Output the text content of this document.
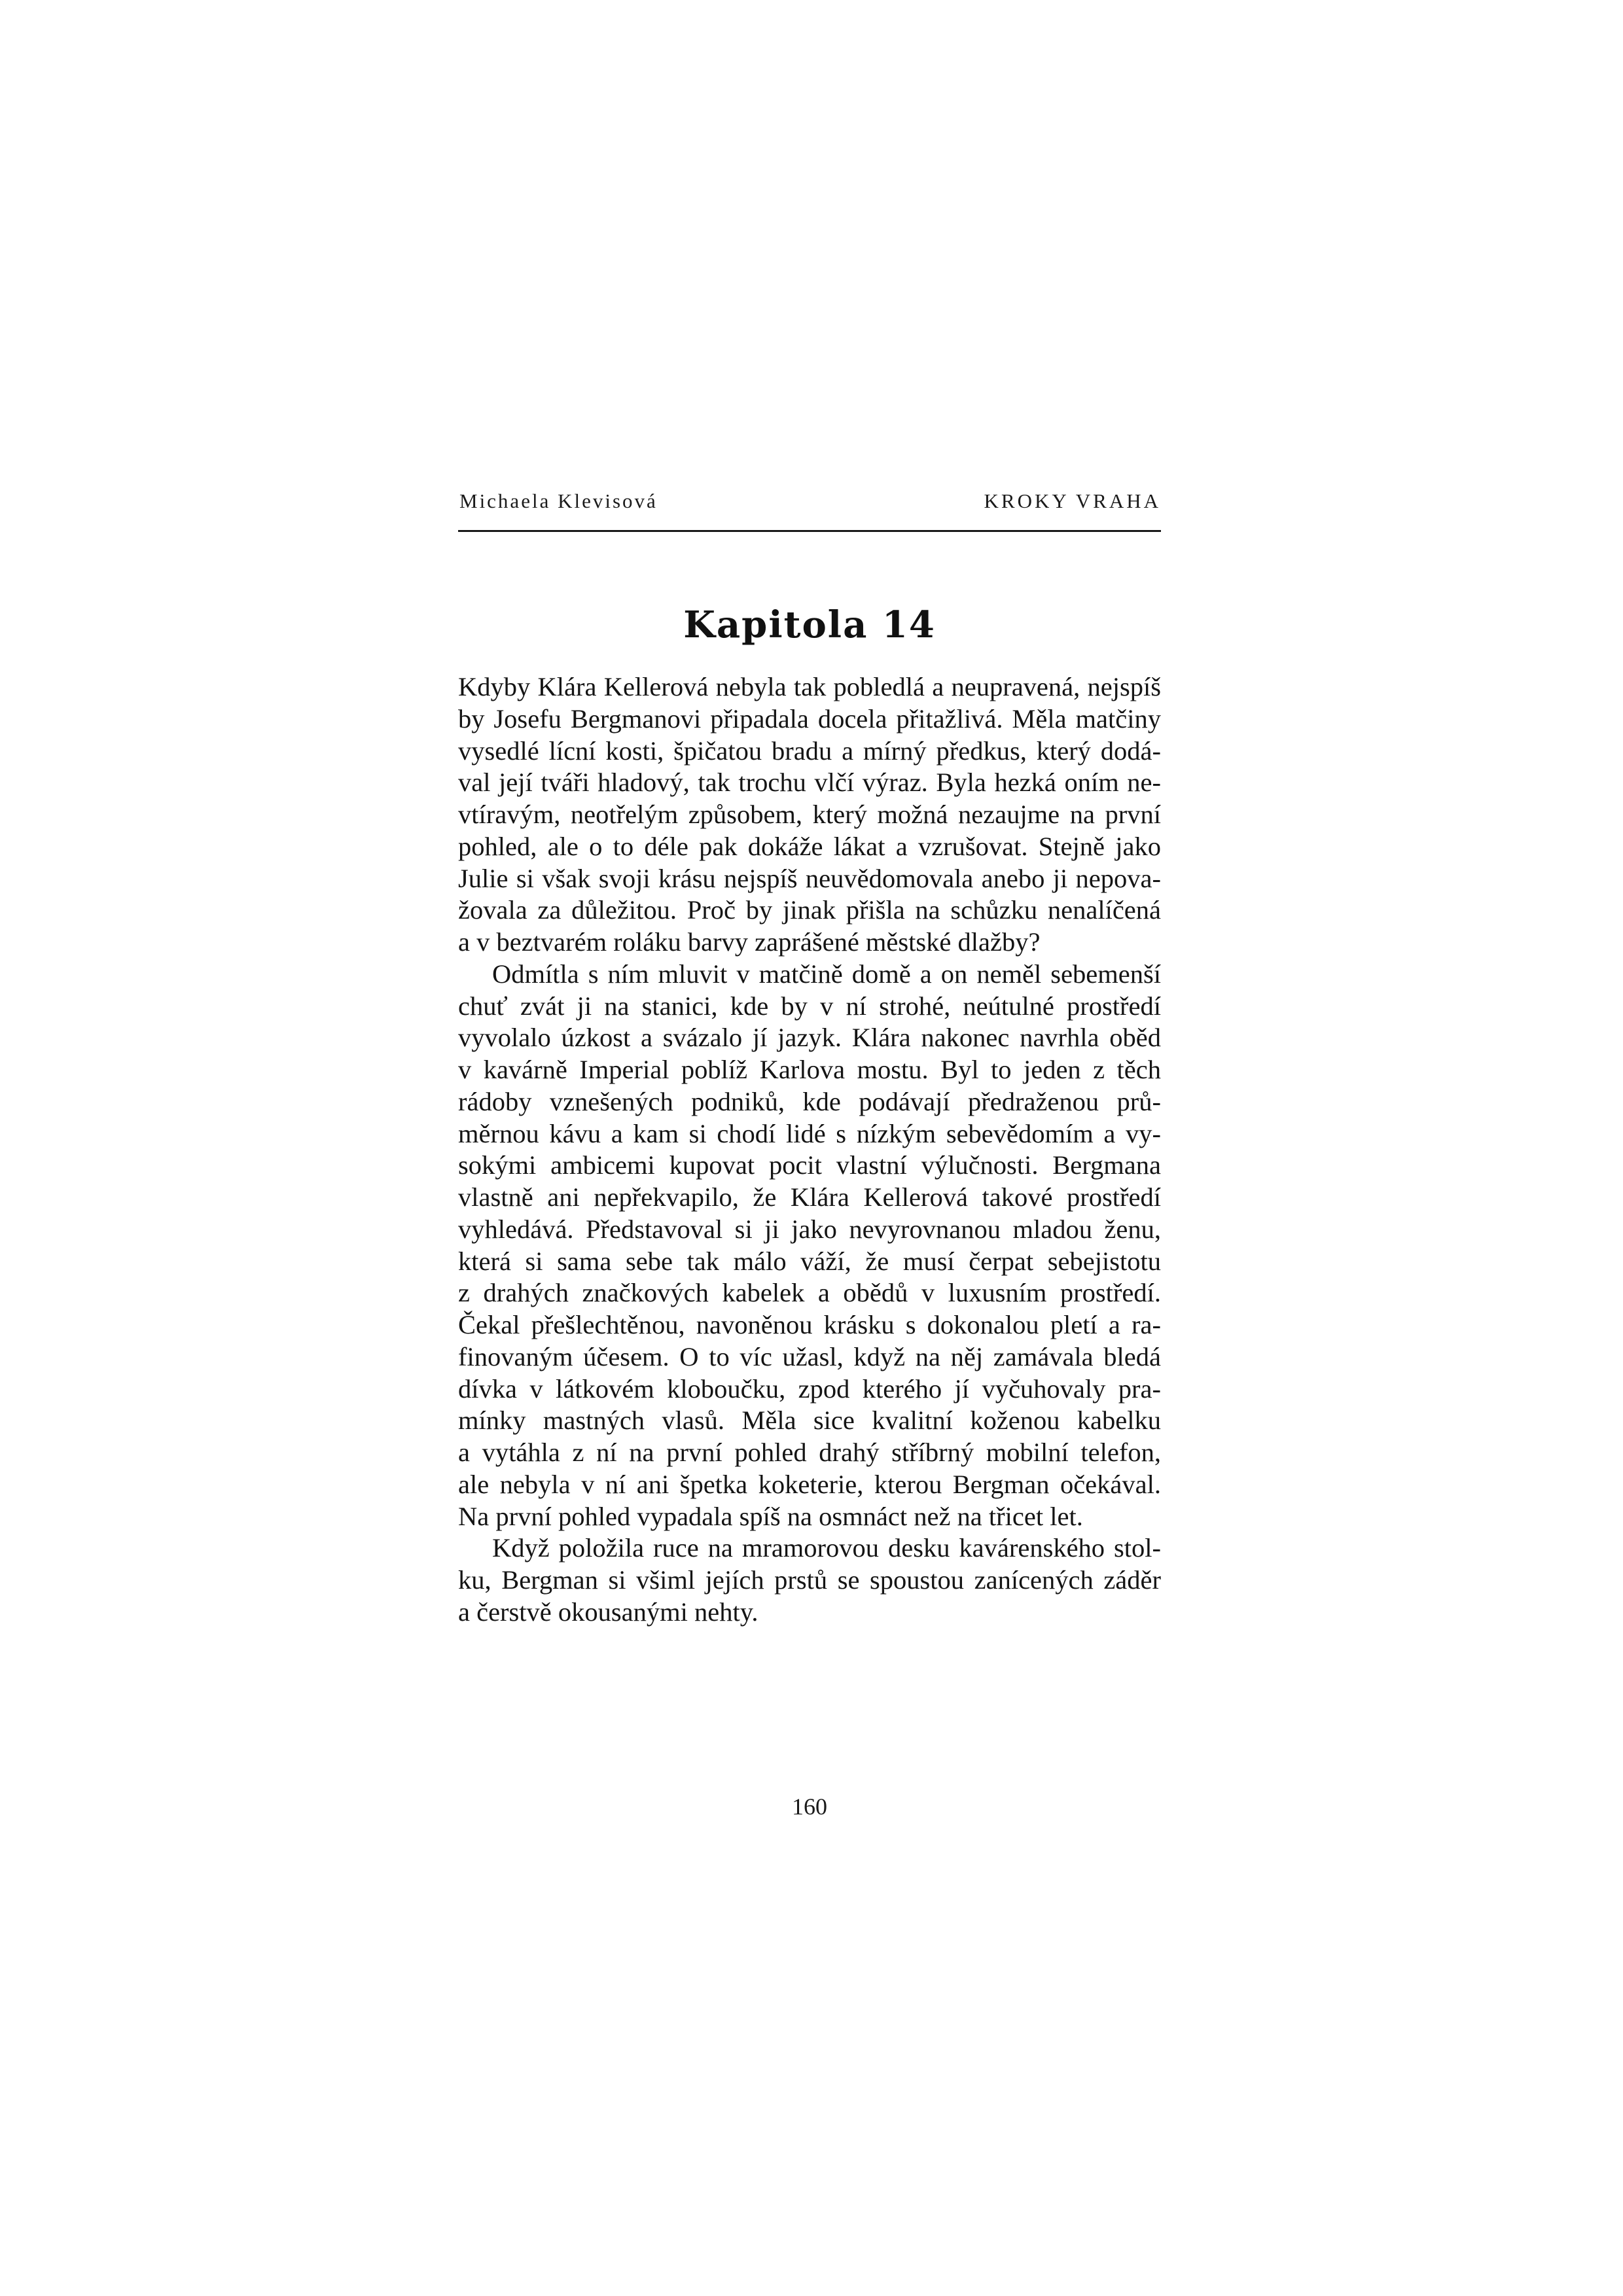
Michaela Klevisová	KROKY VRAHA
Kapitola 14

Kdyby Klára Kellerová nebyla tak pobledlá a neupravená, nejspíš
by Josefu Bergmanovi připadala docela přitažlivá. Měla matčiny
vysedlé lícní kosti, špičatou bradu a mírný předkus, který dodá-
val její tváři hladový, tak trochu vlčí výraz. Byla hezká oním ne-
vtíravým, neotřelým způsobem, který možná nezaujme na první
pohled, ale o to déle pak dokáže lákat a vzrušovat. Stejně jako
Julie si však svoji krásu nejspíš neuvědomovala anebo ji nepova-
žovala za důležitou. Proč by jinak přišla na schůzku nenalíčená
a v beztvarém roláku barvy zaprášené městské dlažby?

Odmítla s ním mluvit v matčině domě a on neměl sebemenší
chuť zvát ji na stanici, kde by v ní strohé, neútulné prostředí
vyvolalo úzkost a svázalo jí jazyk. Klára nakonec navrhla oběd
v kavárně Imperial poblíž Karlova mostu. Byl to jeden z těch
rádoby vznešených podniků, kde podávají předraženou prů-
měrnou kávu a kam si chodí lidé s nízkým sebevědomím a vy-
sokými ambicemi kupovat pocit vlastní výlučnosti. Bergmana
vlastně ani nepřekvapilo, že Klára Kellerová takové prostředí
vyhledává. Představoval si ji jako nevyrovnanou mladou ženu,
která si sama sebe tak málo váží, že musí čerpat sebejistotu
z drahých značkových kabelek a obědů v luxusním prostředí.
Čekal přešlechtěnou, navoněnou krásku s dokonalou pletí a ra-
finovaným účesem. O to víc užasl, když na něj zamávala bledá
dívka v látkovém kloboučku, zpod kterého jí vyčuhovaly pra-
mínky mastných vlasů. Měla sice kvalitní koženou kabelku
a vytáhla z ní na první pohled drahý stříbrný mobilní telefon,
ale nebyla v ní ani špetka koketerie, kterou Bergman očekával.
Na první pohled vypadala spíš na osmnáct než na třicet let.

Když položila ruce na mramorovou desku kavárenského stol-
ku, Bergman si všiml jejích prstů se spoustou zanícených záděr
a čerstvě okousanými nehty.

160
